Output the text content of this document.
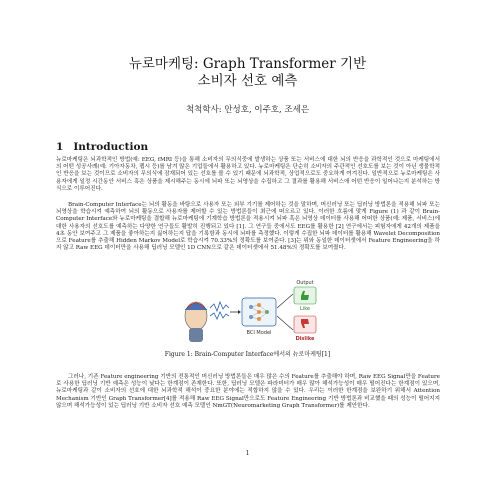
뉴로마케팅: Graph Transformer 기반
소비자 선호 예측
척척학사: 안성호, 이주호, 조세은
1 Introduction

뉴로마케팅은 뇌과학적인 방법(예: EEG, fMRI 등)을 통해 소비자의 무의식중에 발생하는 상품 또는 서비스에 대한 뇌의 반응을 과학적인 것으로 마케팅에서의 어떤 성공사례(예: 기아자동차, 펩시 등)를 남겨 많은 기업들에서 활용하고 있다. 뉴로마케팅은 단순히 소비자의 주관적인 선호도를 보는 것이 아닌 생물학적인 반응을 보는 것이므로 소비자의 무의식에 잠재되어 있는 선호를 볼 수 있기 때문에 뇌과학적, 상업적으로도 중요하게 여겨진다. 일반적으로 뉴로마케팅은 사용자에게 일정 시간동안 서비스 혹은 상품을 제시해주는 동시에 뇌파 또는 뇌영상을 수집하고 그 결과를 활용해 서비스에 어떤 반응이 일어나는지 분석하는 방식으로 이루어진다.

Brain-Computer Interface는 뇌의 활동을 바탕으로 사용자 또는 외부 기기를 제어하는 것을 말하며, 머신러닝 또는 딥러닝 방법론을 적용해 뇌파 또는 뇌영상을 학습시켜 예측하여 뇌의 활동으로 사용자를 제어할 수 있는 방법론들이 최근에 떠오르고 있다. 이러한 흐름에 맞게 Figure (1) 과 같이 Brain-Computer Interface와 뉴로마케팅을 결합해 뉴로마케팅에 기계학습 방법론을 적용시켜 뇌파 혹은 뇌영상 데이터를 사용해 어떠한 상품(예: 제품, 서비스)에 대한 사용자의 선호도를 예측하는 다양한 연구들도 활발히 진행되고 있다 [1]. 그 연구들 중에서도 EEG를 활용한 [2] 연구에서는 피험자에게 42개의 제품을 4초 동안 보여주고 그 제품을 좋아하는지 싫어하는지 답을 기록함과 동시에 뇌파를 측정했다. 이렇게 수집한 뇌파 데이터를 활용해 Wavelet Decomposition으로 Feature를 추출해 Hidden Markov Model로 학습시켜 70.33%의 정확도를 보여준다. [3]는 위와 동일한 데이터셋에서 Feature Engineering을 하지 않고 Raw EEG 데이터만을 사용해 딥러닝 모델인 1D CNN으로 같은 데이터셋에서 51.48%의 정확도를 보여줬다.

BCI Model
Output
Like
Dislike
Figure 1: Brain-Computer Interface에서의 뉴로마케팅[1]

그러나, 기존 Feature engineering 기반의 전통적인 머신러닝 방법론들은 매우 많은 수의 Feature를 추출해야 하며, Raw EEG Signal만을 Feature로 사용한 딥러닝 기반 예측은 성능이 낮다는 한계점이 존재한다. 또한, 딥러닝 모델은 파라미터가 매우 많아 해석가능성이 매우 떨어진다는 한계점이 있으며, 뉴로마케팅과 같이 소비자의 선호에 대한 뇌과학적 해석이 중요한 분야에는 적합하지 않을 수 있다. 우리는 이러한 한계점을 보완하기 위해서 Attention Mechanism 기반인 Graph Transformer[4]를 적용해 Raw EEG Signal만으로도 Feature Engineering 기반 방법론과 비교했을 때의 성능이 떨어지지 않으며 해석가능성이 있는 딥러닝 기반 소비자 선호 예측 모델인 NmGT(Neuromarketing Graph Transformer)를 제안한다.

1
